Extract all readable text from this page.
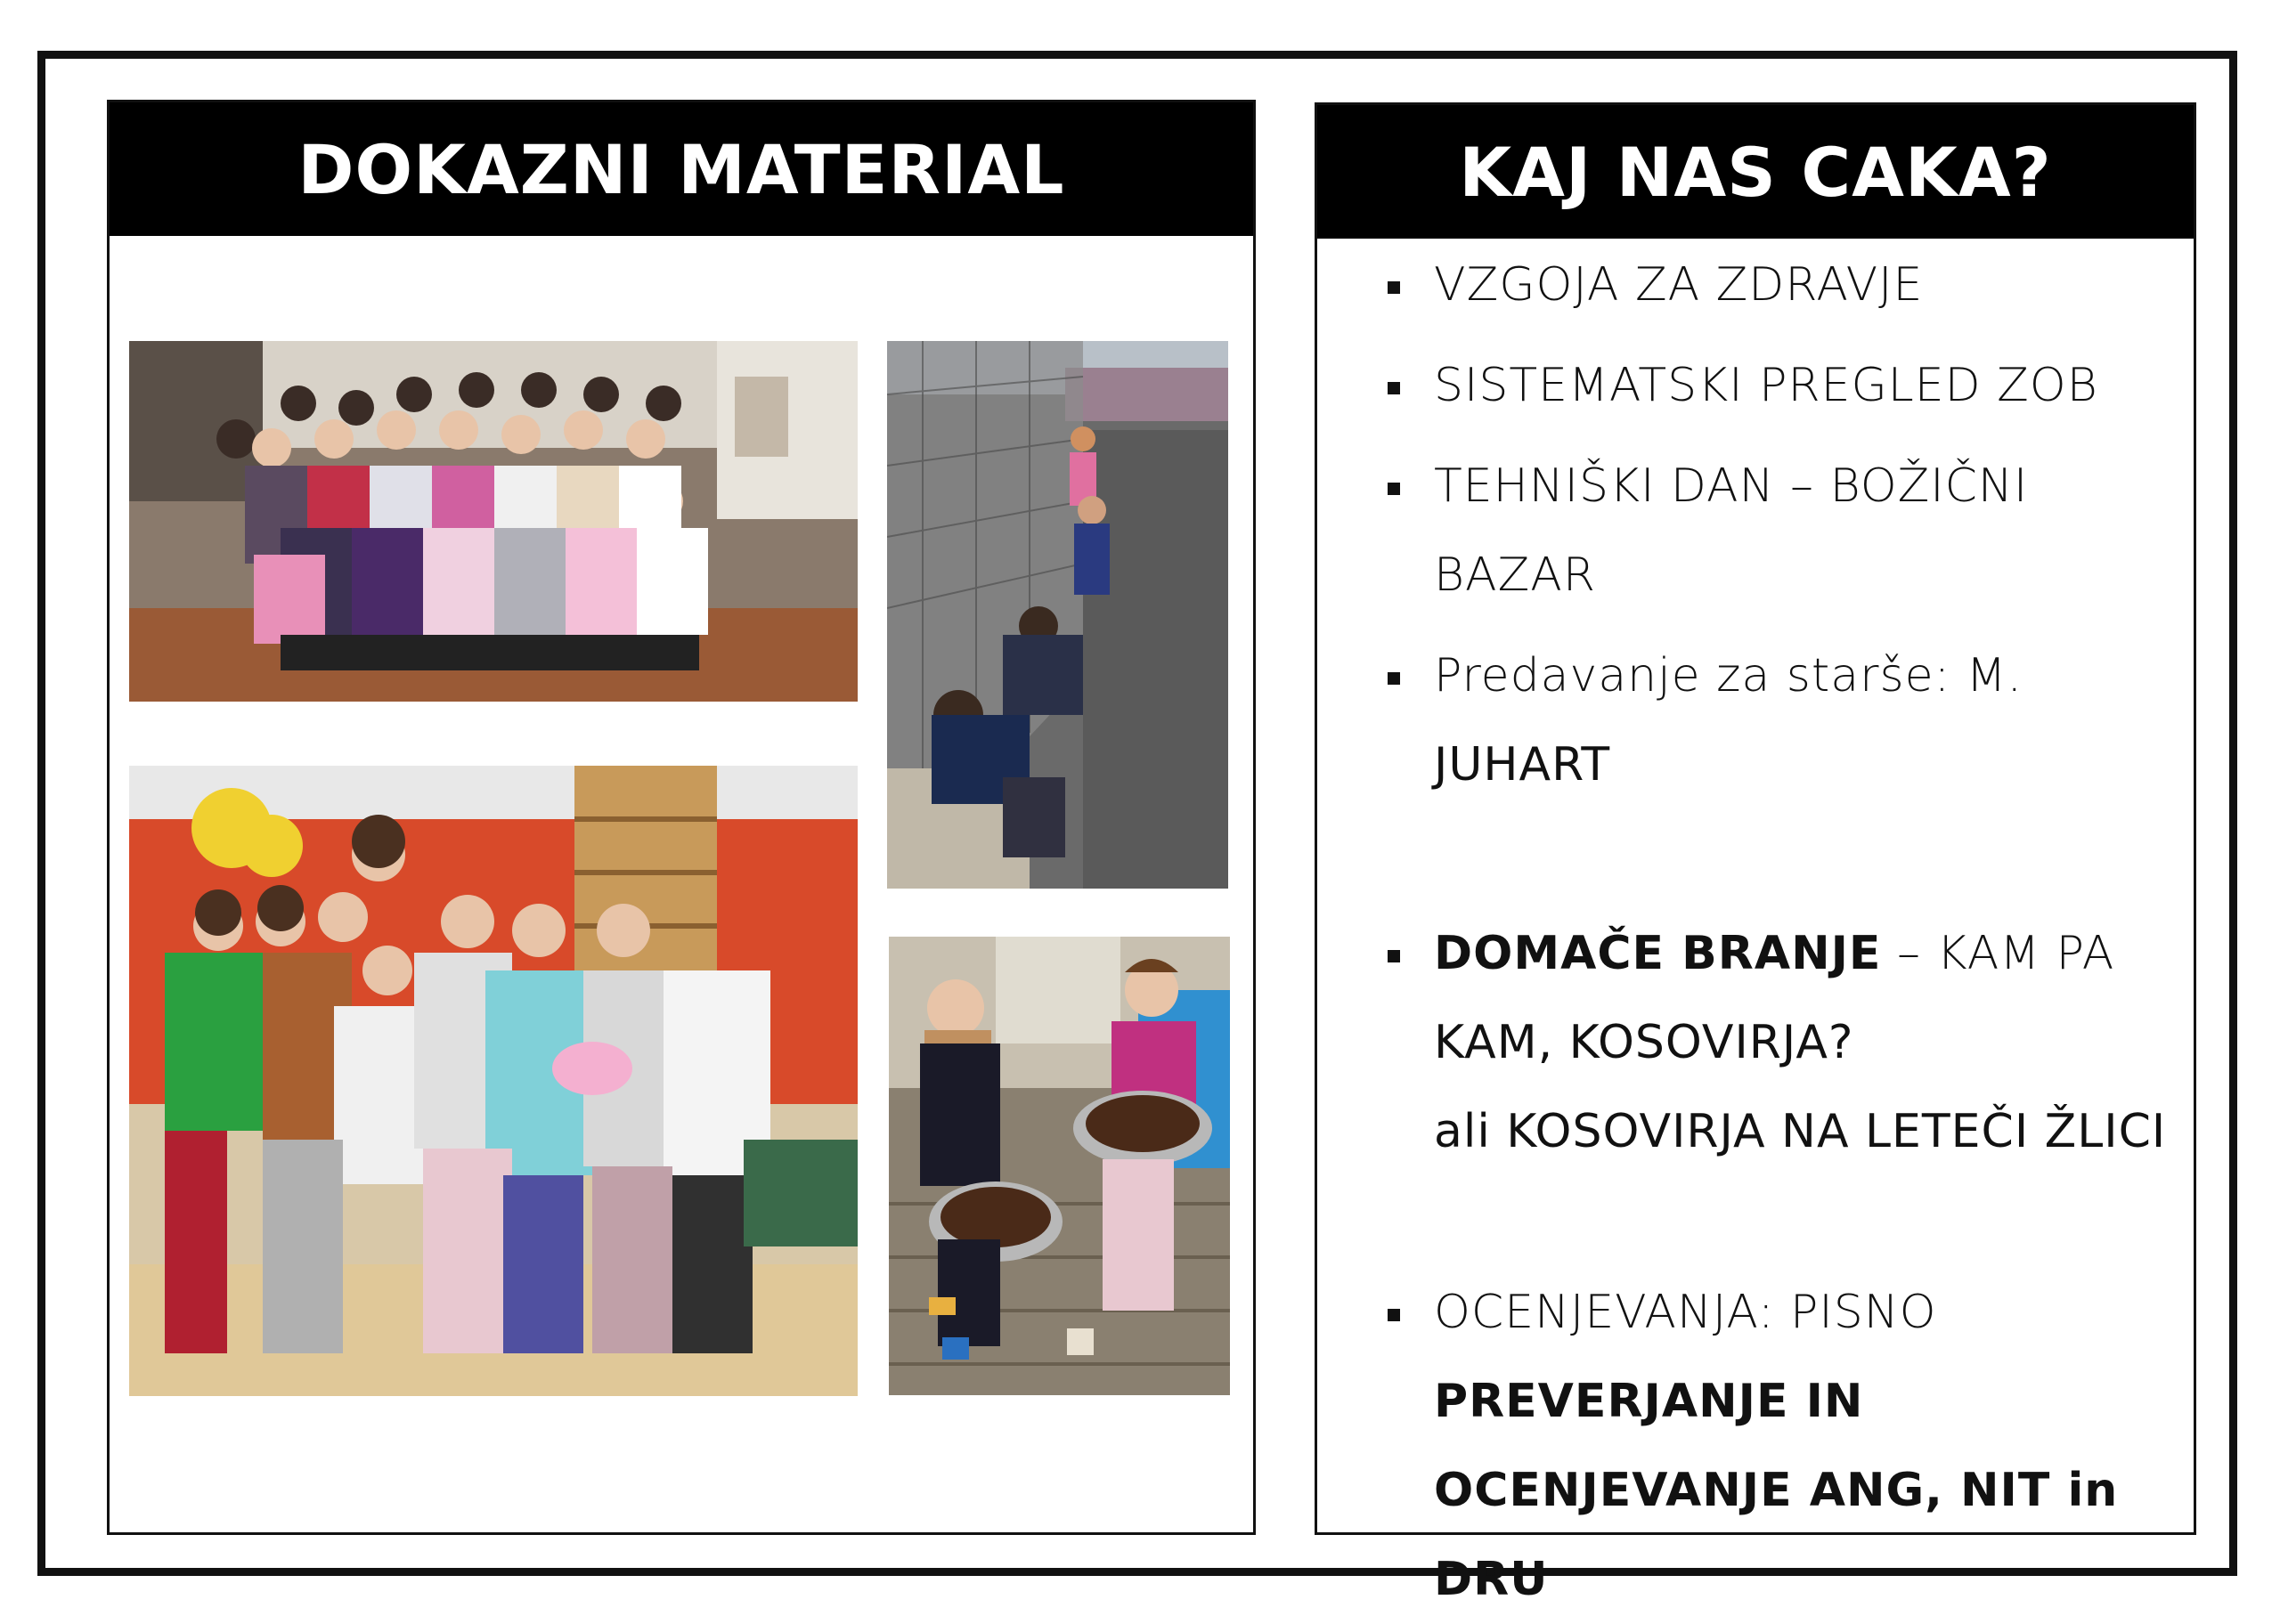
DOKAZNI MATERIAL	KAJ NAS CAKA?
VZGOJA ZA ZDRAVJE
SISTEMATSKI PREGLED ZOB
TEHNIŠKI DAN – BOŽIČNI BAZAR
Predavanje za starše: M.
JUHART
DOMAČE BRANJE – KAM PA
KAM, KOSOVIRJA?
ali KOSOVIRJA NA LETEČI ŽLICI
OCENJEVANJA: PISNO
PREVERJANJE IN
OCENJEVANJE ANG, NIT in DRU
